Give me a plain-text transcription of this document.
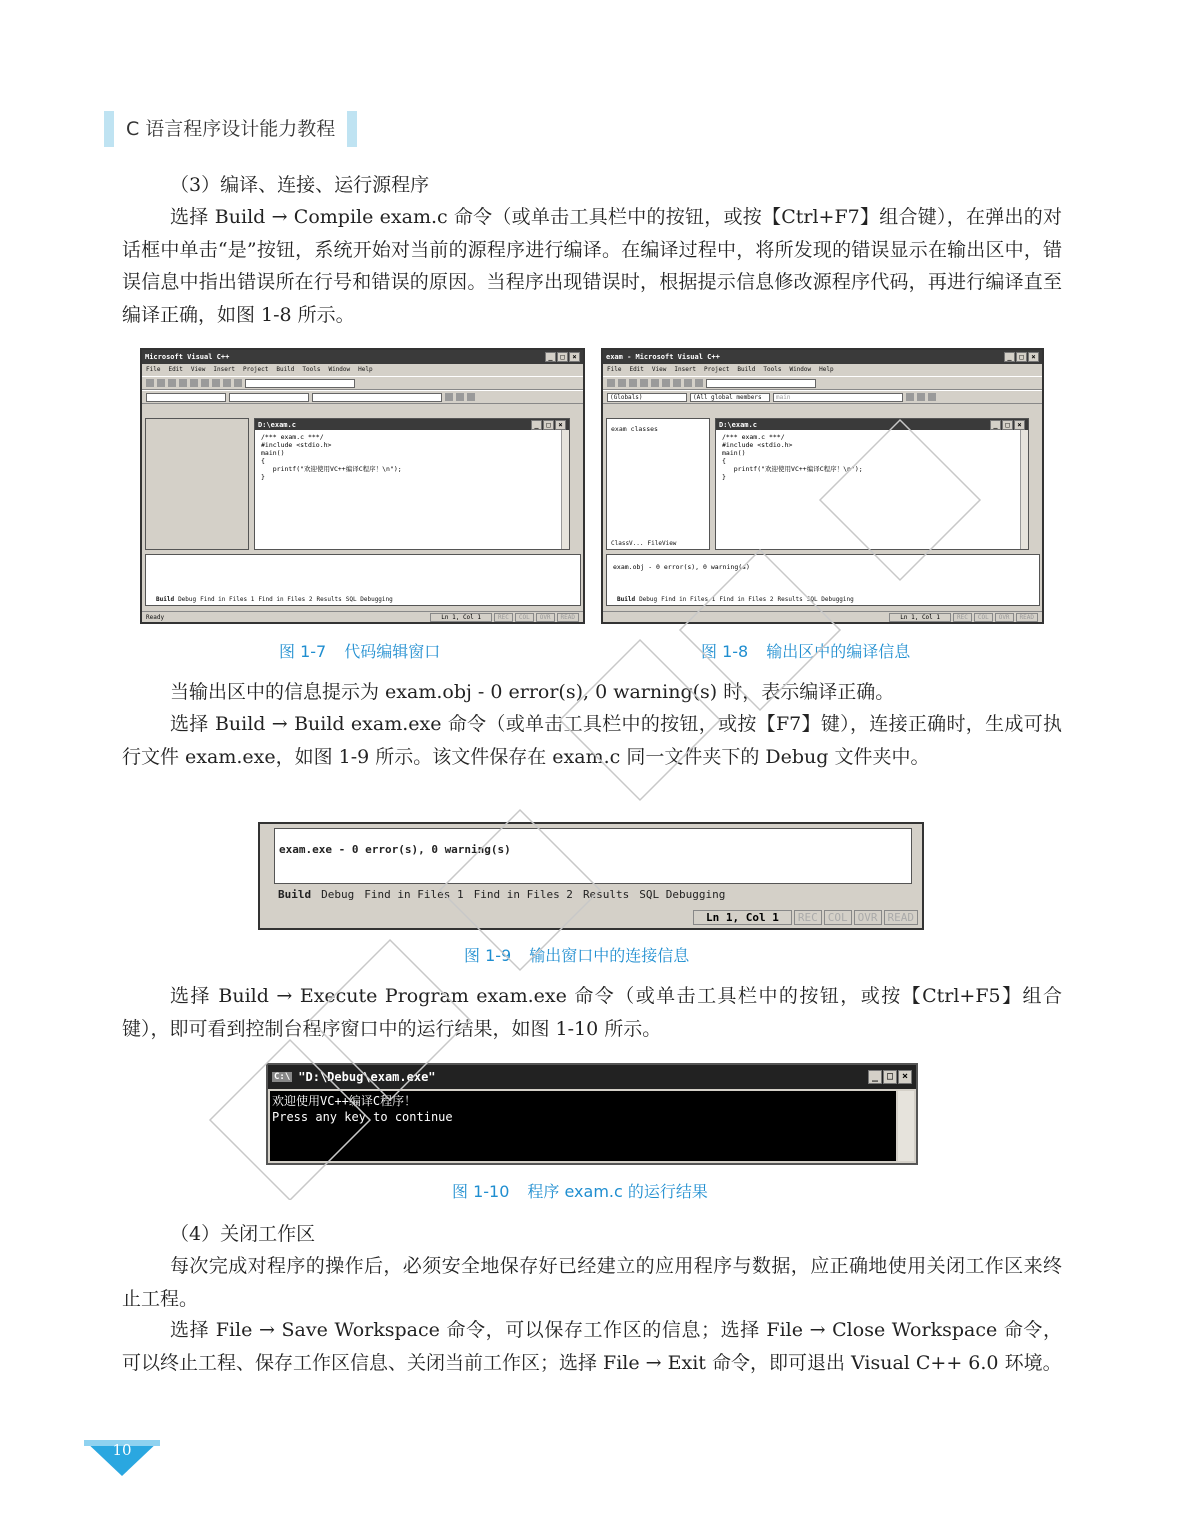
C 语言程序设计能力教程

（3）编译、连接、运行源程序

选择 Build → Compile exam.c 命令（或单击工具栏中的按钮，或按【Ctrl+F7】组合键），在弹出的对话框中单击“是”按钮，系统开始对当前的源程序进行编译。在编译过程中，将所发现的错误显示在输出区中，错误信息中指出错误所在行号和错误的原因。当程序出现错误时，根据提示信息修改源程序代码，再进行编译直至编译正确，如图 1-8 所示。

Microsoft Visual C++	_	□	×
File Edit View Insert Project Build Tools Window Help
D:\exam.c	_	□	×
/*** exam.c ***/
#include <stdio.h>
main()
{
printf("欢迎使用VC++编译C程序！\n");
}
Build Debug Find in Files 1 Find in Files 2 Results SQL Debugging
Ready	Ln 1, Col 1	REC	COL	OVR	READ
exam - Microsoft Visual C++	_	□	×
File Edit View Insert Project Build Tools Window Help
(Globals)	(All global members	main
exam classes
ClassV... FileView
D:\exam.c	_	□	×
/*** exam.c ***/
#include <stdio.h>
main()
{
printf("欢迎使用VC++编译C程序！\n");
}
exam.obj - 0 error(s), 0 warning(s)
Build Debug Find in Files 1 Find in Files 2 Results SQL Debugging
Ln 1, Col 1	REC	COL	OVR	READ
图 1-7 代码编辑窗口	图 1-8 输出区中的编译信息

当输出区中的信息提示为 exam.obj - 0 error(s), 0 warning(s) 时，表示编译正确。

选择 Build → Build exam.exe 命令（或单击工具栏中的按钮，或按【F7】键），连接正确时，生成可执行文件 exam.exe，如图 1-9 所示。该文件保存在 exam.c 同一文件夹下的 Debug 文件夹中。

exam.exe - 0 error(s), 0 warning(s)
Build Debug Find in Files 1 Find in Files 2 Results SQL Debugging
Ln 1, Col 1	REC COL OVR READ
图 1-9 输出窗口中的连接信息

选择 Build → Execute Program exam.exe 命令（或单击工具栏中的按钮，或按【Ctrl+F5】组合键），即可看到控制台程序窗口中的运行结果，如图 1-10 所示。

C:\ "D:\Debug\exam.exe"	_ □ ×
欢迎使用VC++编译C程序！
Press any key to continue
图 1-10 程序 exam.c 的运行结果

（4）关闭工作区

每次完成对程序的操作后，必须安全地保存好已经建立的应用程序与数据，应正确地使用关闭工作区来终止工程。

选择 File → Save Workspace 命令，可以保存工作区的信息；选择 File → Close Workspace 命令，可以终止工程、保存工作区信息、关闭当前工作区；选择 File → Exit 命令，即可退出 Visual C++ 6.0 环境。

10
